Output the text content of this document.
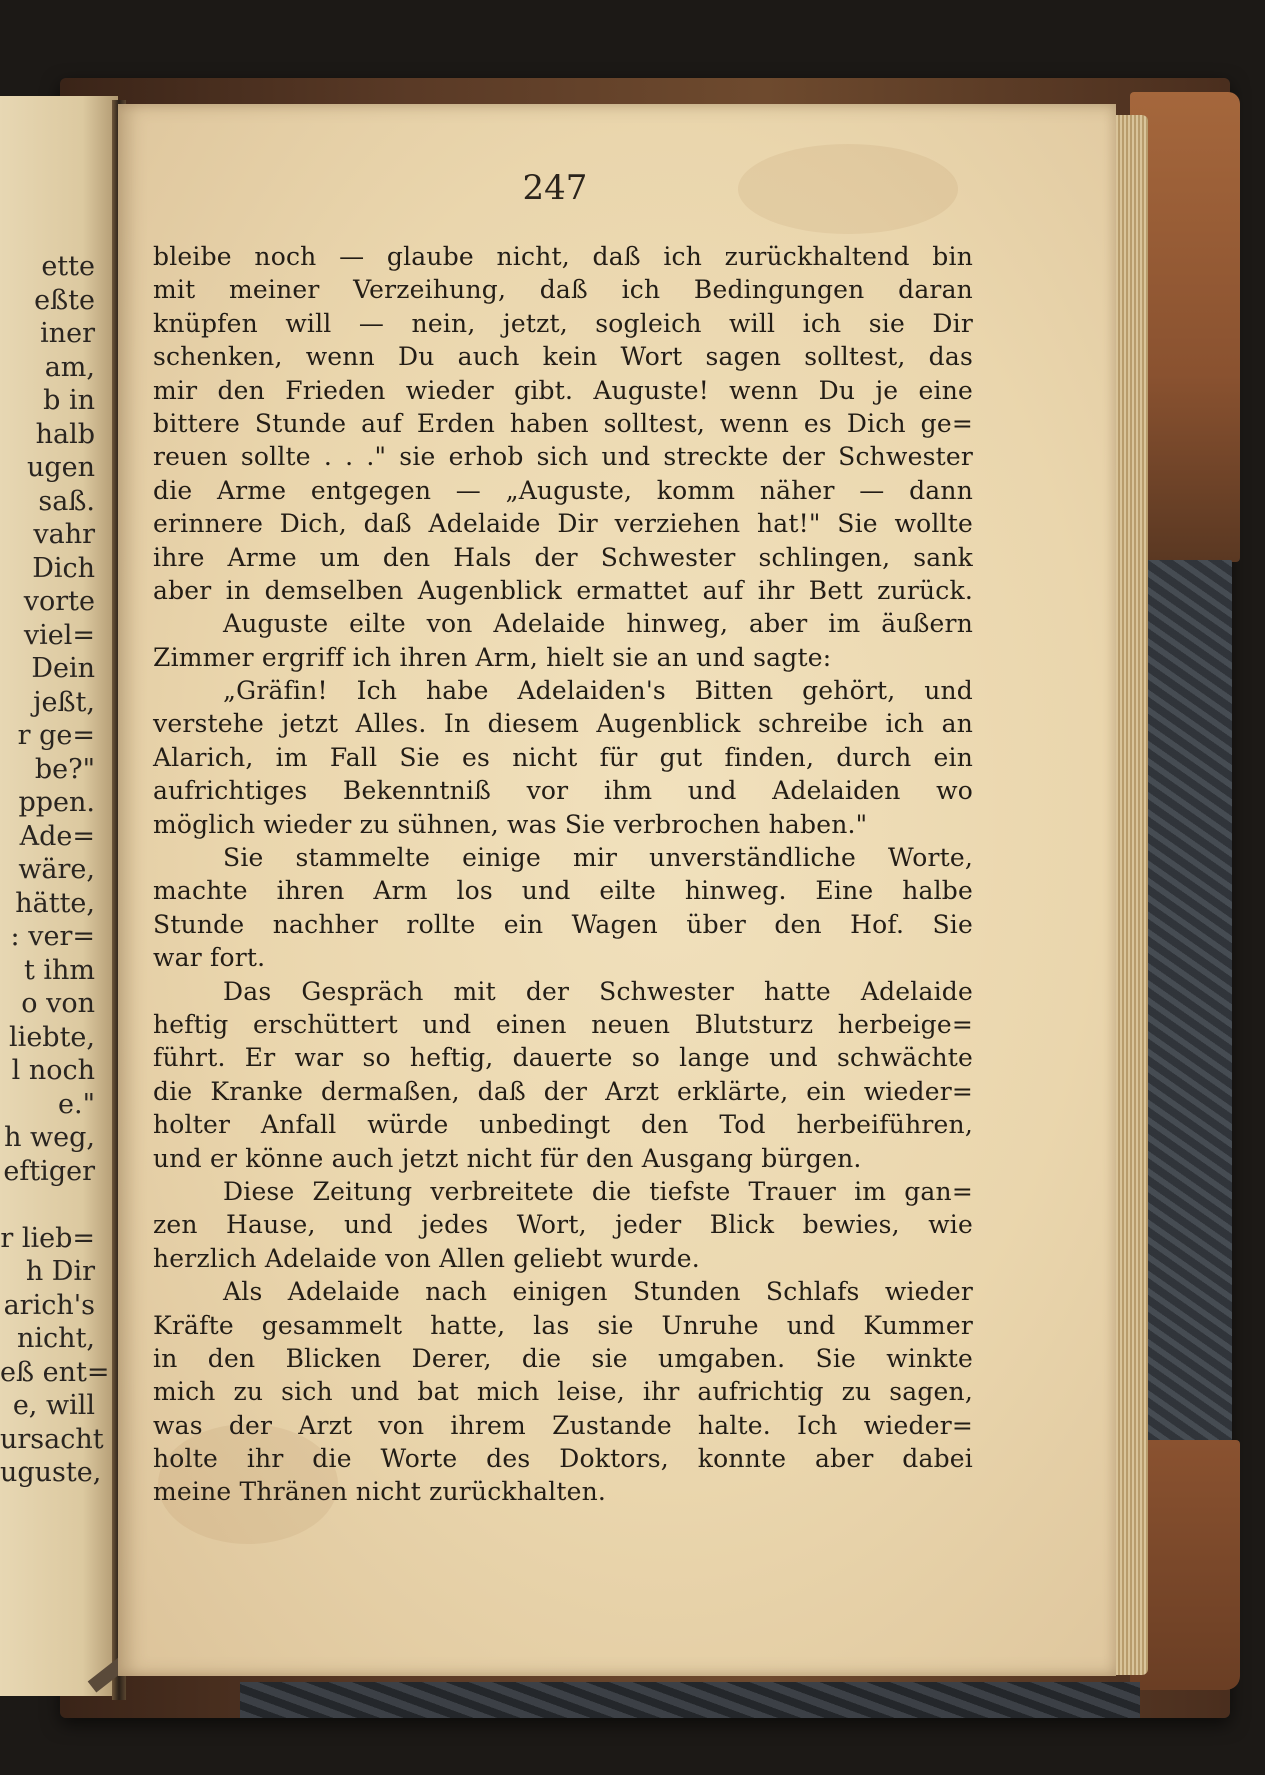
ette
eßte
iner
am,
b in
halb
ugen
saß.
vahr
Dich
vorte
viel=
Dein
jeßt,
r ge=
be?"
ppen.
Ade=
wäre,
hätte,
: ver=
t ihm
o von
liebte,
l noch
e."
h weg,
eftiger
r lieb=
h Dir
arich's
nicht,
eß ent=
e, will
ursacht
uguste,
247
bleibe noch — glaube nicht, daß ich zurückhaltend bin
mit meiner Verzeihung, daß ich Bedingungen daran
knüpfen will — nein, jetzt, sogleich will ich sie Dir
schenken, wenn Du auch kein Wort sagen solltest, das
mir den Frieden wieder gibt. Auguste! wenn Du je eine
bittere Stunde auf Erden haben solltest, wenn es Dich ge=
reuen sollte . . ." sie erhob sich und streckte der Schwester
die Arme entgegen — „Auguste, komm näher — dann
erinnere Dich, daß Adelaide Dir verziehen hat!" Sie wollte
ihre Arme um den Hals der Schwester schlingen, sank
aber in demselben Augenblick ermattet auf ihr Bett zurück.
Auguste eilte von Adelaide hinweg, aber im äußern
Zimmer ergriff ich ihren Arm, hielt sie an und sagte:
„Gräfin! Ich habe Adelaiden's Bitten gehört, und
verstehe jetzt Alles. In diesem Augenblick schreibe ich an
Alarich, im Fall Sie es nicht für gut finden, durch ein
aufrichtiges Bekenntniß vor ihm und Adelaiden wo
möglich wieder zu sühnen, was Sie verbrochen haben."
Sie stammelte einige mir unverständliche Worte,
machte ihren Arm los und eilte hinweg. Eine halbe
Stunde nachher rollte ein Wagen über den Hof. Sie
war fort.
Das Gespräch mit der Schwester hatte Adelaide
heftig erschüttert und einen neuen Blutsturz herbeige=
führt. Er war so heftig, dauerte so lange und schwächte
die Kranke dermaßen, daß der Arzt erklärte, ein wieder=
holter Anfall würde unbedingt den Tod herbeiführen,
und er könne auch jetzt nicht für den Ausgang bürgen.
Diese Zeitung verbreitete die tiefste Trauer im gan=
zen Hause, und jedes Wort, jeder Blick bewies, wie
herzlich Adelaide von Allen geliebt wurde.
Als Adelaide nach einigen Stunden Schlafs wieder
Kräfte gesammelt hatte, las sie Unruhe und Kummer
in den Blicken Derer, die sie umgaben. Sie winkte
mich zu sich und bat mich leise, ihr aufrichtig zu sagen,
was der Arzt von ihrem Zustande halte. Ich wieder=
holte ihr die Worte des Doktors, konnte aber dabei
meine Thränen nicht zurückhalten.
